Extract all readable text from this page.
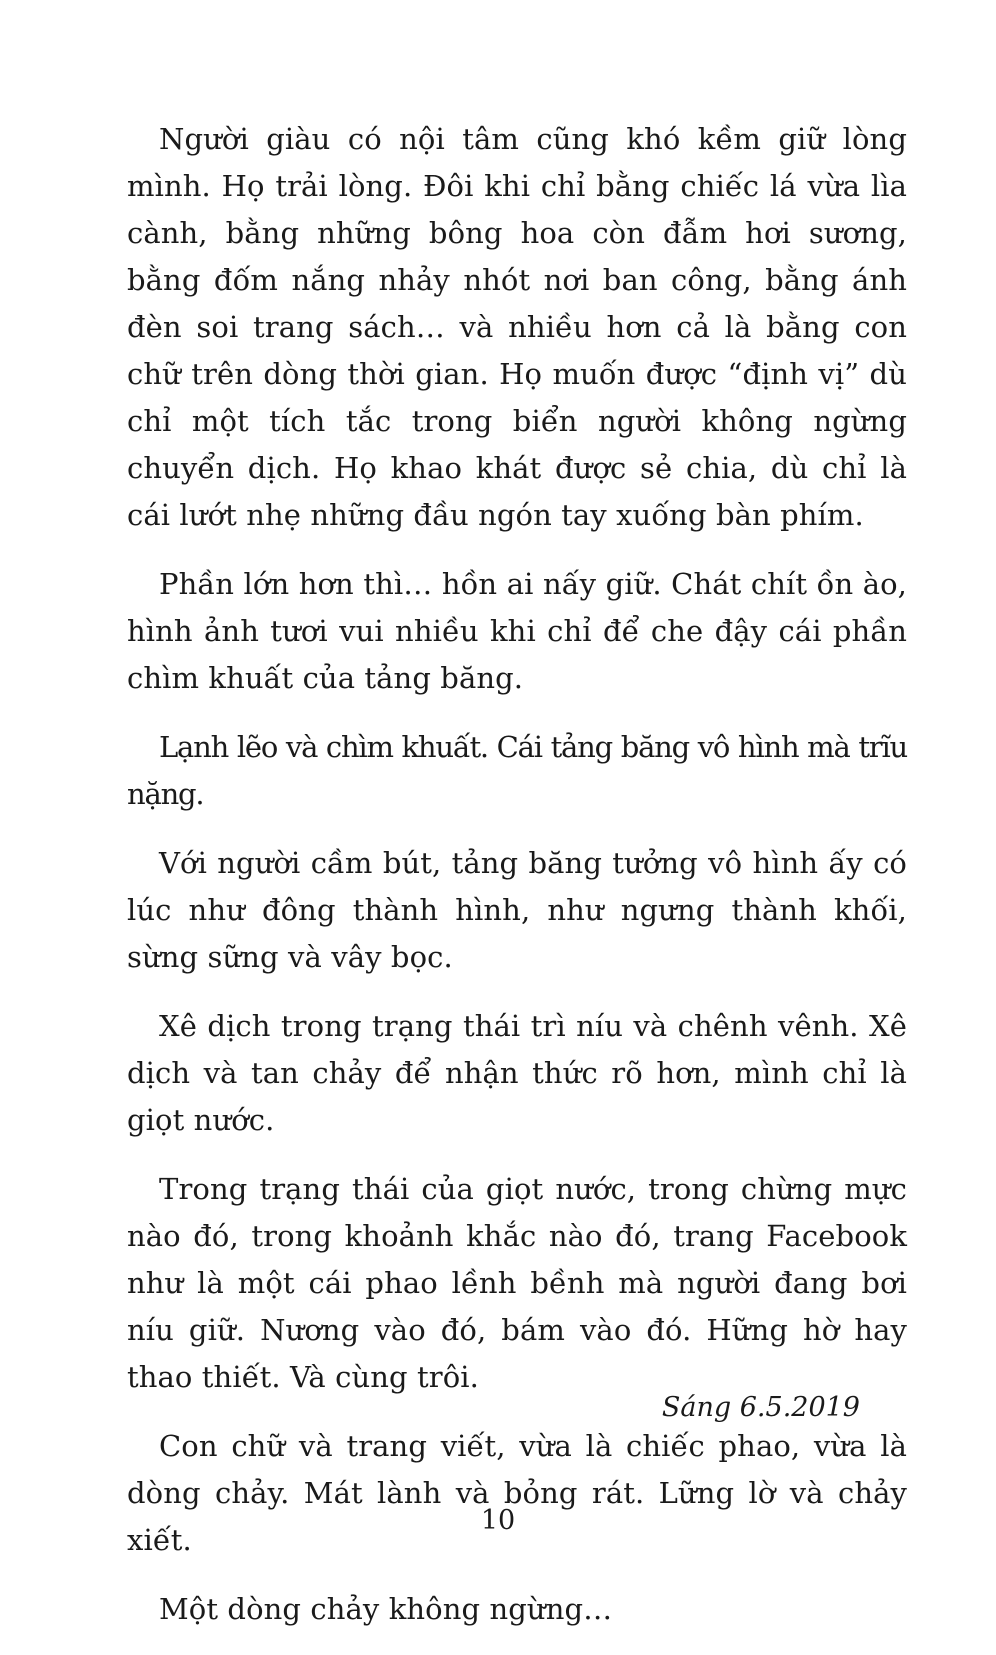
Người giàu có nội tâm cũng khó kềm giữ lòng mình. Họ trải lòng. Đôi khi chỉ bằng chiếc lá vừa lìa cành, bằng những bông hoa còn đẫm hơi sương, bằng đốm nắng nhảy nhót nơi ban công, bằng ánh đèn soi trang sách… và nhiều hơn cả là bằng con chữ trên dòng thời gian. Họ muốn được “định vị” dù chỉ một tích tắc trong biển người không ngừng chuyển dịch. Họ khao khát được sẻ chia, dù chỉ là cái lướt nhẹ những đầu ngón tay xuống bàn phím.

Phần lớn hơn thì… hồn ai nấy giữ. Chát chít ồn ào, hình ảnh tươi vui nhiều khi chỉ để che đậy cái phần chìm khuất của tảng băng.

Lạnh lẽo và chìm khuất. Cái tảng băng vô hình mà trĩu nặng.

Với người cầm bút, tảng băng tưởng vô hình ấy có lúc như đông thành hình, như ngưng thành khối, sừng sững và vây bọc.

Xê dịch trong trạng thái trì níu và chênh vênh. Xê dịch và tan chảy để nhận thức rõ hơn, mình chỉ là giọt nước.

Trong trạng thái của giọt nước, trong chừng mực nào đó, trong khoảnh khắc nào đó, trang Facebook như là một cái phao lềnh bềnh mà người đang bơi níu giữ. Nương vào đó, bám vào đó. Hững hờ hay thao thiết. Và cùng trôi.

Con chữ và trang viết, vừa là chiếc phao, vừa là dòng chảy. Mát lành và bỏng rát. Lững lờ và chảy xiết.

Một dòng chảy không ngừng…

Sáng 6.5.2019
10
